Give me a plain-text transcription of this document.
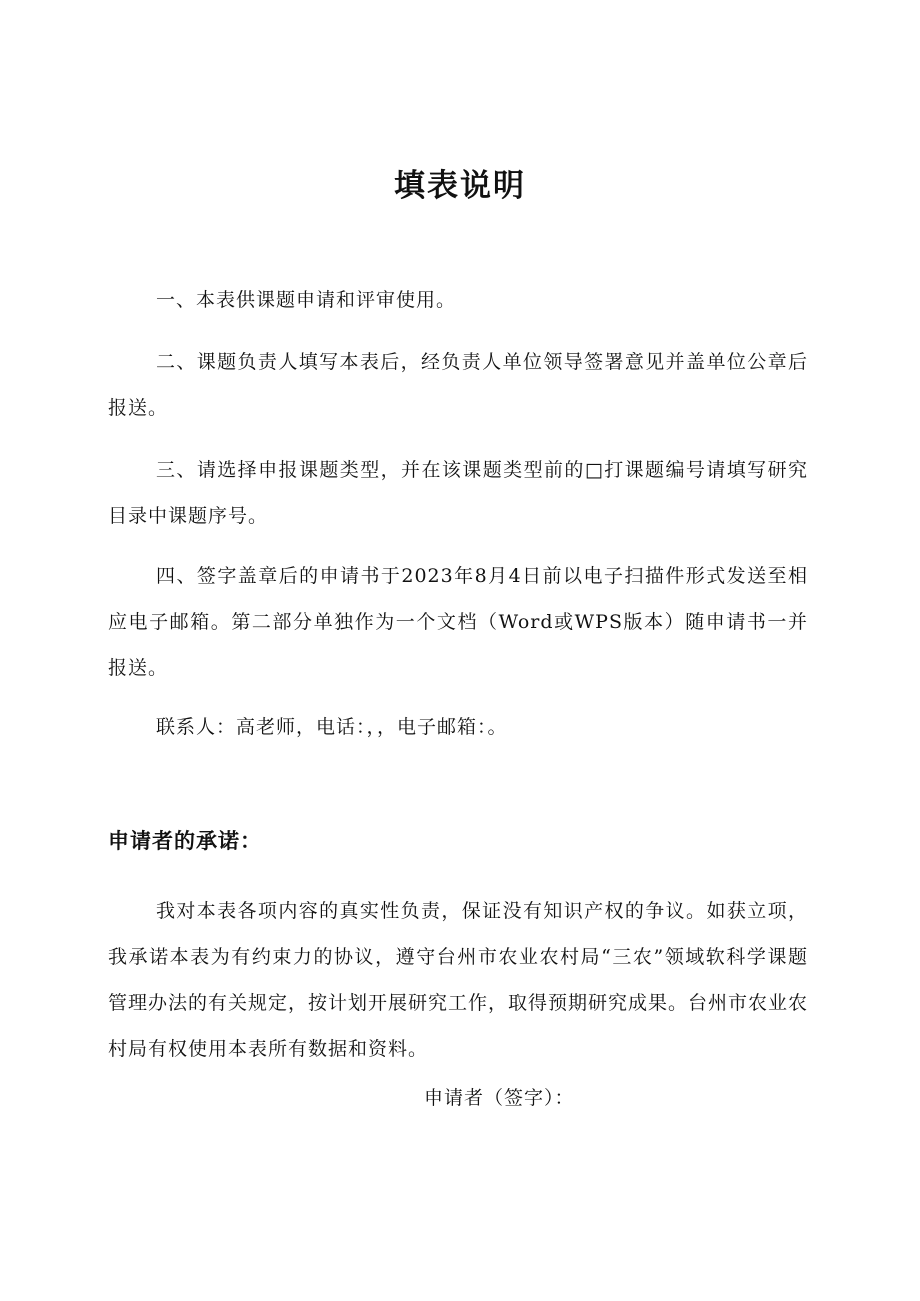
填表说明

一、本表供课题申请和评审使用。

二、课题负责人填写本表后，经负责人单位领导签署意见并盖单位公章后报送。

三、请选择申报课题类型，并在该课题类型前的□打课题编号请填写研究目录中课题序号。

四、签字盖章后的申请书于2023年8月4日前以电子扫描件形式发送至相应电子邮箱。第二部分单独作为一个文档（Word或WPS版本）随申请书一并报送。

联系人：高老师，电话：，，电子邮箱：。

申请者的承诺：

我对本表各项内容的真实性负责，保证没有知识产权的争议。如获立项，我承诺本表为有约束力的协议，遵守台州市农业农村局“三农”领域软科学课题管理办法的有关规定，按计划开展研究工作，取得预期研究成果。台州市农业农村局有权使用本表所有数据和资料。

申请者（签字）：
